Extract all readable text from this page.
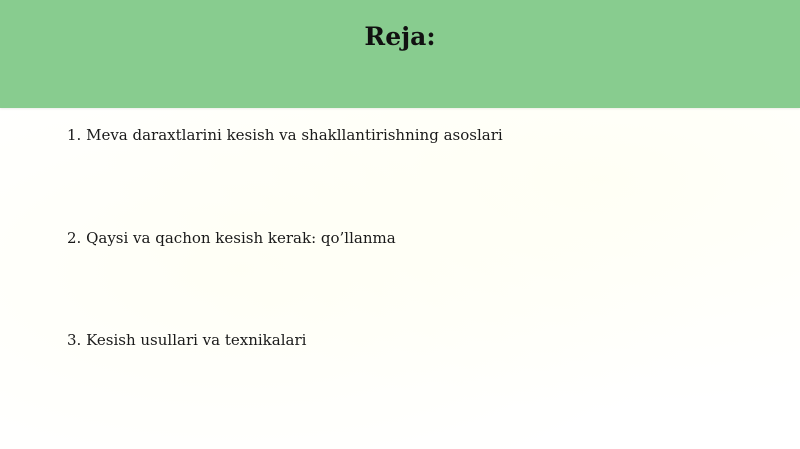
Reja:
1. Meva daraxtlarini kesish va shakllantirishning asoslari
2. Qaysi va qachon kesish kerak: qo’llanma
3. Kesish usullari va texnikalari
